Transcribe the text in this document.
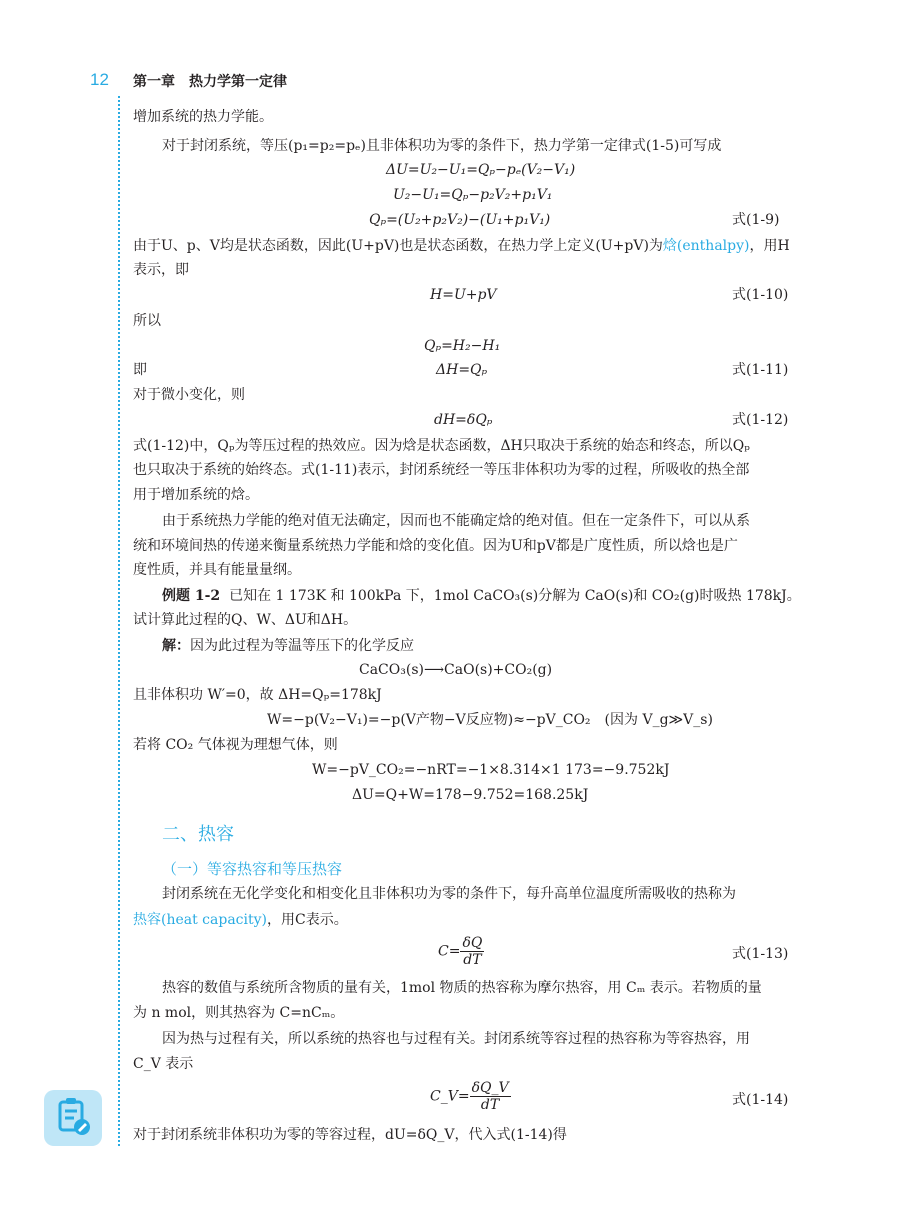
12 第一章　热力学第一定律
增加系统的热力学能。
对于封闭系统，等压(p₁=p₂=pₑ)且非体积功为零的条件下，热力学第一定律式(1-5)可写成
ΔU=U₂−U₁=Qₚ−pₑ(V₂−V₁)
U₂−U₁=Qₚ−p₂V₂+p₁V₁
Qₚ=(U₂+p₂V₂)−(U₁+p₁V₁)	式(1-9)
由于U、p、V均是状态函数，因此(U+pV)也是状态函数，在热力学上定义(U+pV)为焓(enthalpy)，用H
表示，即
H=U+pV	式(1-10)
所以
Qₚ=H₂−H₁
即	ΔH=Qₚ	式(1-11)
对于微小变化，则
dH=δQₚ	式(1-12)
式(1-12)中，Qₚ为等压过程的热效应。因为焓是状态函数，ΔH只取决于系统的始态和终态，所以Qₚ
也只取决于系统的始终态。式(1-11)表示，封闭系统经一等压非体积功为零的过程，所吸收的热全部
用于增加系统的焓。
由于系统热力学能的绝对值无法确定，因而也不能确定焓的绝对值。但在一定条件下，可以从系
统和环境间热的传递来衡量系统热力学能和焓的变化值。因为U和pV都是广度性质，所以焓也是广
度性质，并具有能量量纲。
例题 1-2 已知在 1 173K 和 100kPa 下，1mol CaCO₃(s)分解为 CaO(s)和 CO₂(g)时吸热 178kJ。
试计算此过程的Q、W、ΔU和ΔH。
解：因为此过程为等温等压下的化学反应
CaCO₃(s)⟶CaO(s)+CO₂(g)
且非体积功 W′=0，故 ΔH=Qₚ=178kJ
W=−p(V₂−V₁)=−p(V产物−V反应物)≈−pV_CO₂　(因为 V_g≫V_s)
若将 CO₂ 气体视为理想气体，则
W=−pV_CO₂=−nRT=−1×8.314×1 173=−9.752kJ
ΔU=Q+W=178−9.752=168.25kJ
二、热容
（一）等容热容和等压热容
封闭系统在无化学变化和相变化且非体积功为零的条件下，每升高单位温度所需吸收的热称为
热容(heat capacity)，用C表示。
$C= \frac{\delta Q}{dT}$	式(1-13)
热容的数值与系统所含物质的量有关，1mol 物质的热容称为摩尔热容，用 Cₘ 表示。若物质的量
为 n mol，则其热容为 C=nCₘ。
因为热与过程有关，所以系统的热容也与过程有关。封闭系统等容过程的热容称为等容热容，用
C_V 表示
C_V= $\frac{\delta Q\_V}{dT}$	式(1-14)
对于封闭系统非体积功为零的等容过程，dU=δQ_V，代入式(1-14)得
